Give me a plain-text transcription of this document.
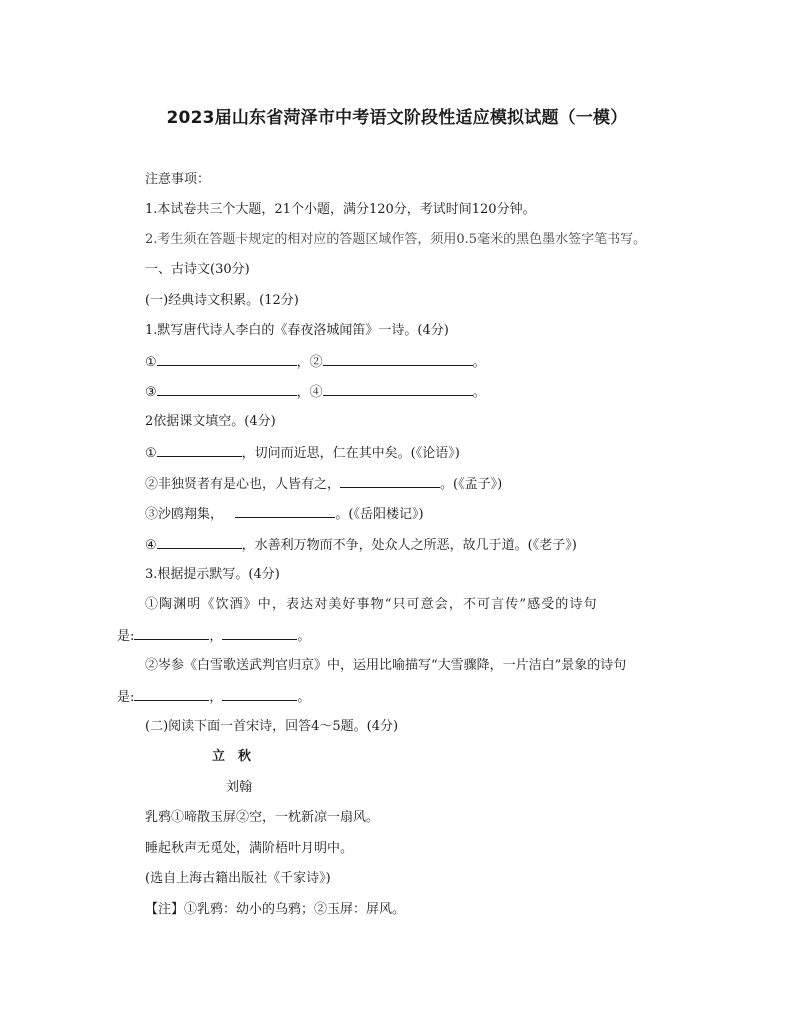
2023届山东省菏泽市中考语文阶段性适应模拟试题（一模）
注意事项：
1.本试卷共三个大题，21个小题，满分120分，考试时间120分钟。
2.考生须在答题卡规定的相对应的答题区域作答，须用0.5毫米的黑色墨水签字笔书写。
一、古诗文(30分)
(一)经典诗文积累。(12分)
1.默写唐代诗人李白的《春夜洛城闻笛》一诗。(4分)
①	，②	。
③	，④	。
2依据课文填空。(4分)
①	，切问而近思，仁在其中矣。(《论语》)
②非独贤者有是心也，人皆有之，	。(《孟子》)
③沙鸥翔集，	。(《岳阳楼记》)
④	，水善利万物而不争，处众人之所恶，故几于道。(《老子》)
3.根据提示默写。(4分)
①陶渊明《饮酒》中，表达对美好事物“只可意会，不可言传”感受的诗句
是:	，	。
②岑参《白雪歌送武判官归京》中，运用比喻描写“大雪骤降，一片洁白”景象的诗句
是:	，	。
(二)阅读下面一首宋诗，回答4～5题。(4分)
立　秋
刘翰
乳鸦①啼散玉屏②空，一枕新凉一扇风。
睡起秋声无觅处，满阶梧叶月明中。
(选自上海古籍出版社《千家诗》)
【注】①乳鸦：幼小的乌鸦；②玉屏：屏风。
